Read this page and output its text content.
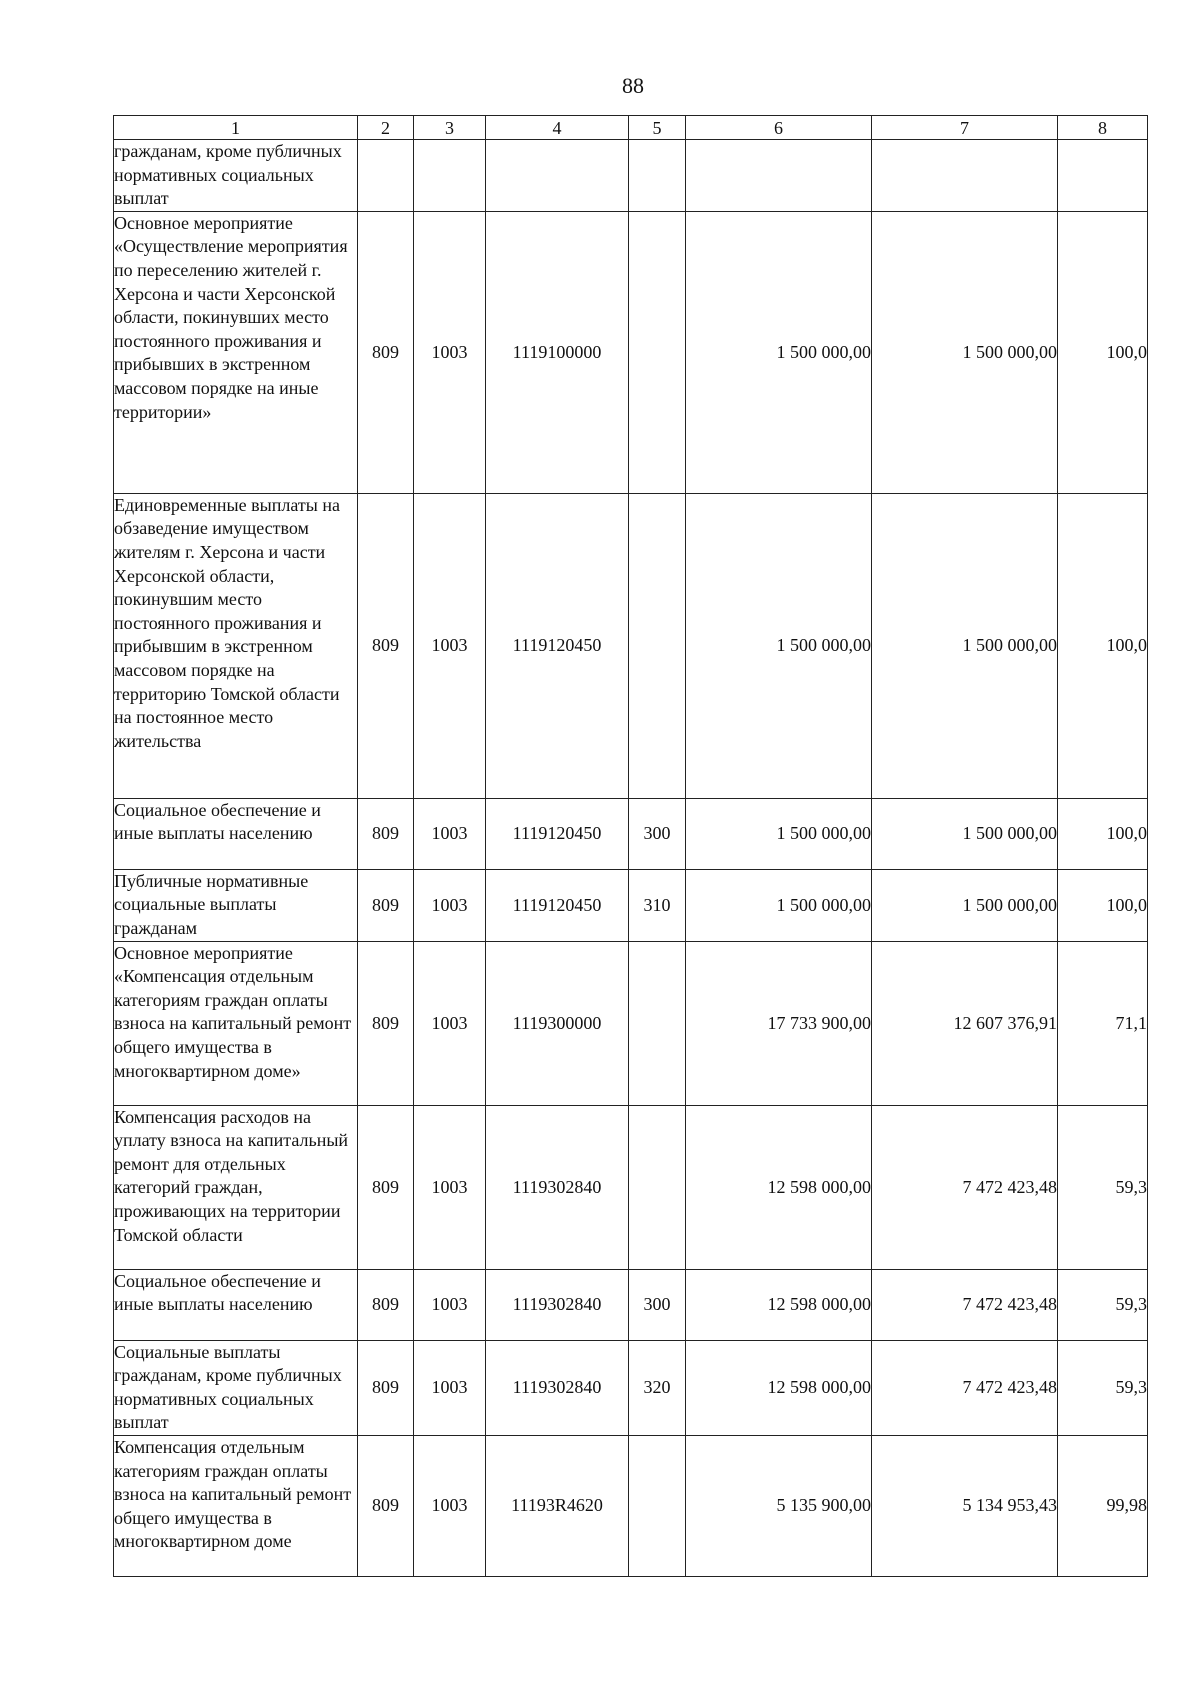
88
1	2	3	4	5	6	7	8
гражданам, кроме публичных нормативных социальных выплат							
Основное мероприятие «Осуществление мероприятия по переселению жителей г. Херсона и части Херсонской области, покинувших место постоянного проживания и прибывших в экстренном массовом порядке на иные территории»	809	1003	1119100000		1 500 000,00	1 500 000,00	100,0
Единовременные выплаты на обзаведение имуществом жителям г. Херсона и части Херсонской области, покинувшим место постоянного проживания и прибывшим в экстренном массовом порядке на территорию Томской области на постоянное место жительства	809	1003	1119120450		1 500 000,00	1 500 000,00	100,0
Социальное обеспечение и иные выплаты населению	809	1003	1119120450	300	1 500 000,00	1 500 000,00	100,0
Публичные нормативные социальные выплаты гражданам	809	1003	1119120450	310	1 500 000,00	1 500 000,00	100,0
Основное мероприятие «Компенсация отдельным категориям граждан оплаты взноса на капитальный ремонт общего имущества в многоквартирном доме»	809	1003	1119300000		17 733 900,00	12 607 376,91	71,1
Компенсация расходов на уплату взноса на капитальный ремонт для отдельных категорий граждан, проживающих на территории Томской области	809	1003	1119302840		12 598 000,00	7 472 423,48	59,3
Социальное обеспечение и иные выплаты населению	809	1003	1119302840	300	12 598 000,00	7 472 423,48	59,3
Социальные выплаты гражданам, кроме публичных нормативных социальных выплат	809	1003	1119302840	320	12 598 000,00	7 472 423,48	59,3
Компенсация отдельным категориям граждан оплаты взноса на капитальный ремонт общего имущества в многоквартирном доме	809	1003	11193R4620		5 135 900,00	5 134 953,43	99,98
